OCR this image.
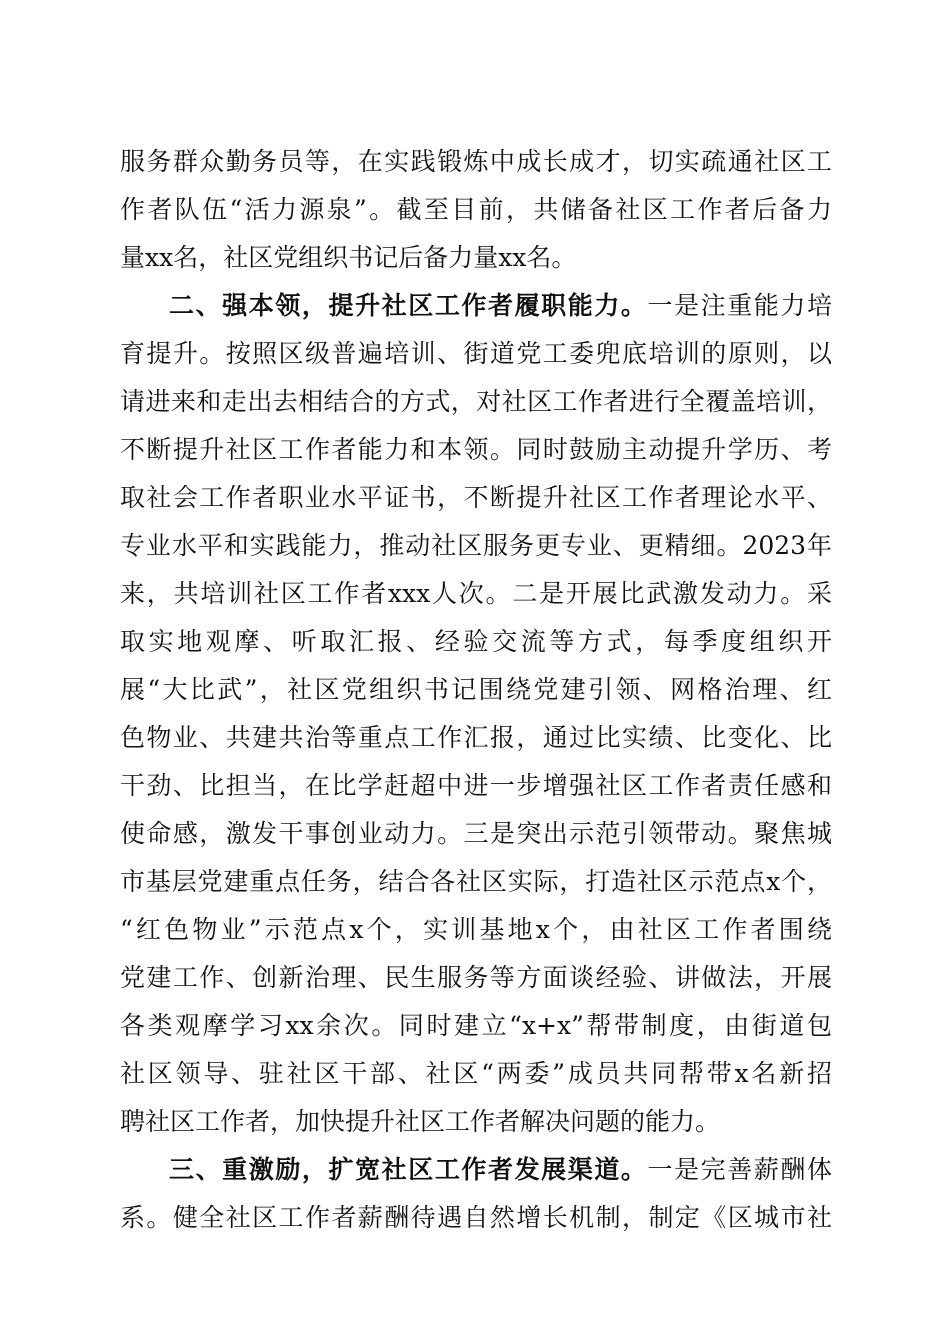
服务群众勤务员等，在实践锻炼中成长成才，切实疏通社区工
作者队伍“活力源泉”。截至目前，共储备社区工作者后备力
量xx名，社区党组织书记后备力量xx名。
二、强本领，提升社区工作者履职能力。一是注重能力培
育提升。按照区级普遍培训、街道党工委兜底培训的原则，以
请进来和走出去相结合的方式，对社区工作者进行全覆盖培训，
不断提升社区工作者能力和本领。同时鼓励主动提升学历、考
取社会工作者职业水平证书，不断提升社区工作者理论水平、
专业水平和实践能力，推动社区服务更专业、更精细。2023年
来，共培训社区工作者xxx人次。二是开展比武激发动力。采
取实地观摩、听取汇报、经验交流等方式，每季度组织开
展“大比武”，社区党组织书记围绕党建引领、网格治理、红
色物业、共建共治等重点工作汇报，通过比实绩、比变化、比
干劲、比担当，在比学赶超中进一步增强社区工作者责任感和
使命感，激发干事创业动力。三是突出示范引领带动。聚焦城
市基层党建重点任务，结合各社区实际，打造社区示范点x个，
“红色物业”示范点x个，实训基地x个，由社区工作者围绕
党建工作、创新治理、民生服务等方面谈经验、讲做法，开展
各类观摩学习xx余次。同时建立“x+x”帮带制度，由街道包
社区领导、驻社区干部、社区“两委”成员共同帮带x名新招
聘社区工作者，加快提升社区工作者解决问题的能力。
三、重激励，扩宽社区工作者发展渠道。一是完善薪酬体
系。健全社区工作者薪酬待遇自然增长机制，制定《区城市社
